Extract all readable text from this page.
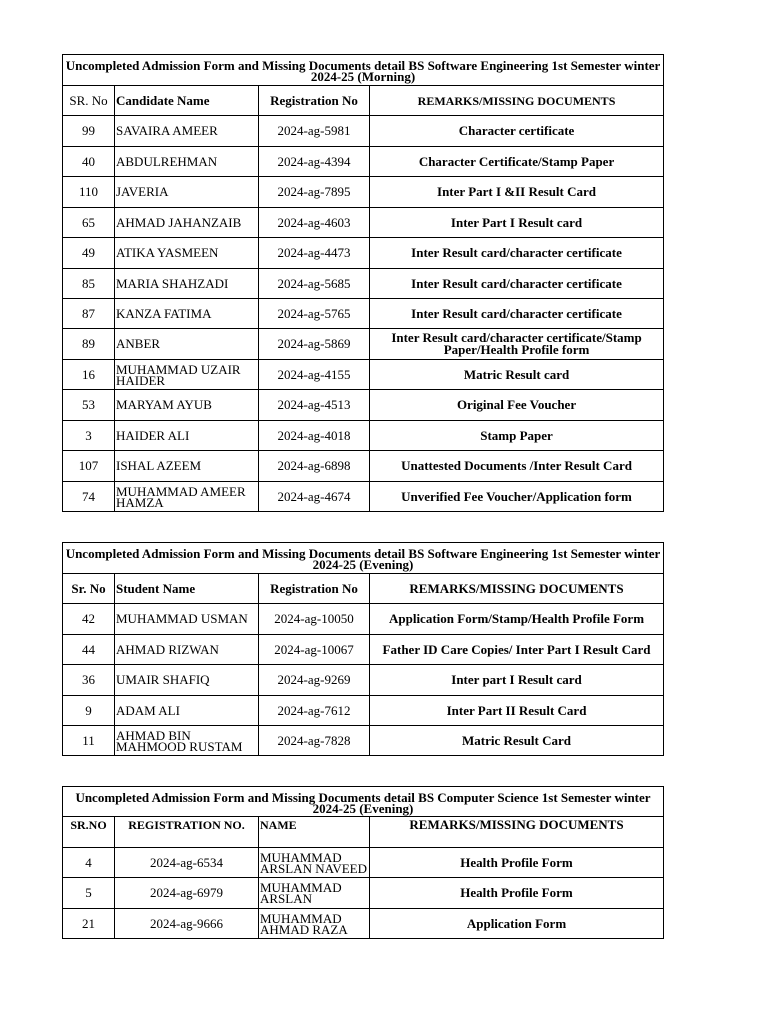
Uncompleted Admission Form and Missing Documents detail BS Software Engineering 1st Semester winter 2024-25 (Morning)			
SR. No	Candidate Name	Registration No	REMARKS/MISSING DOCUMENTS
99	SAVAIRA AMEER	2024-ag-5981	Character certificate
40	ABDULREHMAN	2024-ag-4394	Character Certificate/Stamp Paper
110	JAVERIA	2024-ag-7895	Inter Part I &II Result Card
65	AHMAD JAHANZAIB	2024-ag-4603	Inter Part I Result card
49	ATIKA YASMEEN	2024-ag-4473	Inter Result card/character certificate
85	MARIA SHAHZADI	2024-ag-5685	Inter Result card/character certificate
87	KANZA FATIMA	2024-ag-5765	Inter Result card/character certificate
89	ANBER	2024-ag-5869	Inter Result card/character certificate/Stamp Paper/Health Profile form
16	MUHAMMAD UZAIR HAIDER	2024-ag-4155	Matric Result card
53	MARYAM AYUB	2024-ag-4513	Original Fee Voucher
3	HAIDER ALI	2024-ag-4018	Stamp Paper
107	ISHAL AZEEM	2024-ag-6898	Unattested Documents /Inter Result Card
74	MUHAMMAD AMEER HAMZA	2024-ag-4674	Unverified Fee Voucher/Application form
Uncompleted Admission Form and Missing Documents detail BS Software Engineering 1st Semester winter 2024-25 (Evening)			
Sr. No	Student Name	Registration No	REMARKS/MISSING DOCUMENTS
42	MUHAMMAD USMAN	2024-ag-10050	Application Form/Stamp/Health Profile Form
44	AHMAD RIZWAN	2024-ag-10067	Father ID Care Copies/ Inter Part I Result Card
36	UMAIR SHAFIQ	2024-ag-9269	Inter part I Result card
9	ADAM ALI	2024-ag-7612	Inter Part II Result Card
11	AHMAD BIN MAHMOOD RUSTAM	2024-ag-7828	Matric Result Card
Uncompleted Admission Form and Missing Documents detail BS Computer Science 1st Semester winter 2024-25 (Evening)			
SR.NO	REGISTRATION NO.	NAME	REMARKS/MISSING DOCUMENTS
4	2024-ag-6534	MUHAMMAD ARSLAN NAVEED	Health Profile Form
5	2024-ag-6979	MUHAMMAD ARSLAN	Health Profile Form
21	2024-ag-9666	MUHAMMAD AHMAD RAZA	Application Form
